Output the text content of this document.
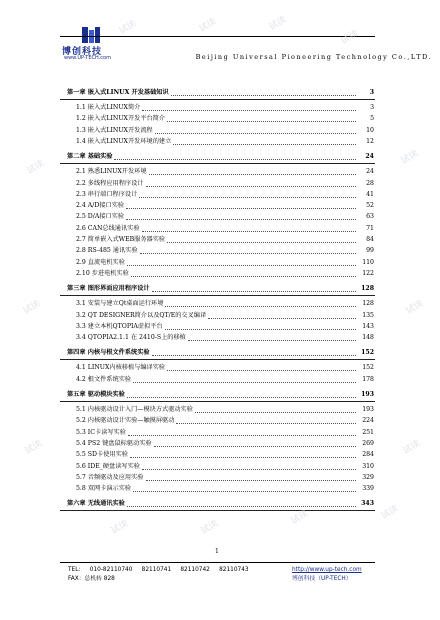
博创科技
www.UP-TECH.com	Beijing Universal Pioneering Technology Co.,LTD.
第一章 嵌入式LINUX 开发基础知识	3
1.1 嵌入式LINUX简介	3
1.2 嵌入式LINUX开发平台简介	5
1.3 嵌入式LINUX开发流程	10
1.4 嵌入式LINUX开发环境的建立	12
第二章 基础实验	24
2.1 熟悉LINUX开发环境	24
2.2 多线程应用程序设计	28
2.3 串行端口程序设计	41
2.4 A/D接口实验	52
2.5 D/A接口实验	63
2.6 CAN总线通讯实验	71
2.7 简单嵌入式WEB服务器实验	84
2.8 RS-485 通讯实验	99
2.9 直流电机实验	110
2.10 步进电机实验	122
第三章 图形界面应用程序设计	128
3.1 安装与建立Qt桌面运行环境	128
3.2 QT DESIGNER简介以及QT/E的交叉编译	135
3.3 建立本机QTOPIA虚拟平台	143
3.4 QTOPIA2.1.1 在 2410-S上的移植	148
第四章 内核与根文件系统实验	152
4.1 LINUX内核移植与编译实验	152
4.2 根文件系统实验	178
第五章 驱动模块实验	193
5.1 内核驱动设计入门—模块方式驱动实验	193
5.2 内核驱动设计实验—触摸屏驱动	224
5.3 IC卡读写实验	251
5.4 PS2 键盘鼠标驱动实验	269
5.5 SD卡使用实验	284
5.6 IDE_硬盘读写实验	310
5.7 音频驱动及应用实验	329
5.8 双网卡演示实验	339
第六章 无线通讯实验	343
1
TEL：   010-82110740     82110741     82110742     82110743
FAX：总机转 828
http://www.up-tech.com
博创科技（UP-TECH）
试读	试读	试读
试读
试读
试读
试读	试读
试读	试读
试读	试读
试读	试读
